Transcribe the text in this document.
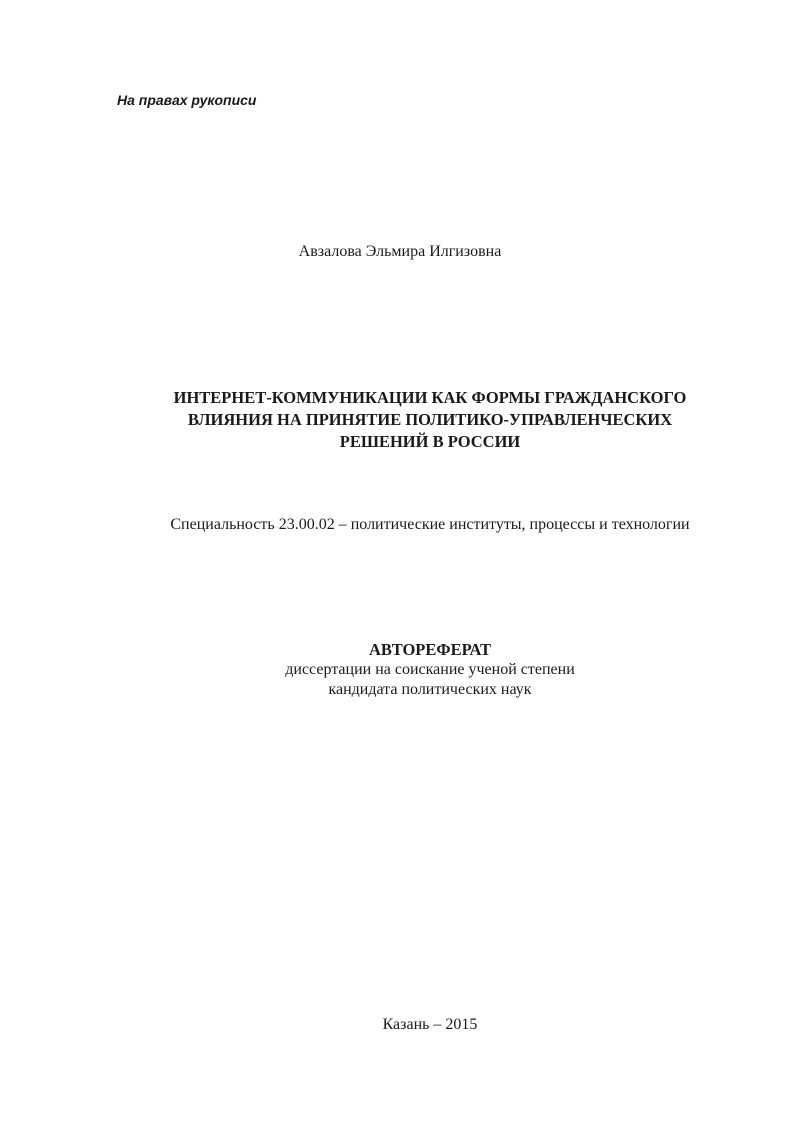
На правах рукописи
Авзалова Эльмира Илгизовна
ИНТЕРНЕТ-КОММУНИКАЦИИ КАК ФОРМЫ ГРАЖДАНСКОГО
ВЛИЯНИЯ НА ПРИНЯТИЕ ПОЛИТИКО-УПРАВЛЕНЧЕСКИХ
РЕШЕНИЙ В РОССИИ
Специальность 23.00.02 – политические институты, процессы и технологии
АВТОРЕФЕРАТ
диссертации на соискание ученой степени
кандидата политических наук
Казань – 2015
